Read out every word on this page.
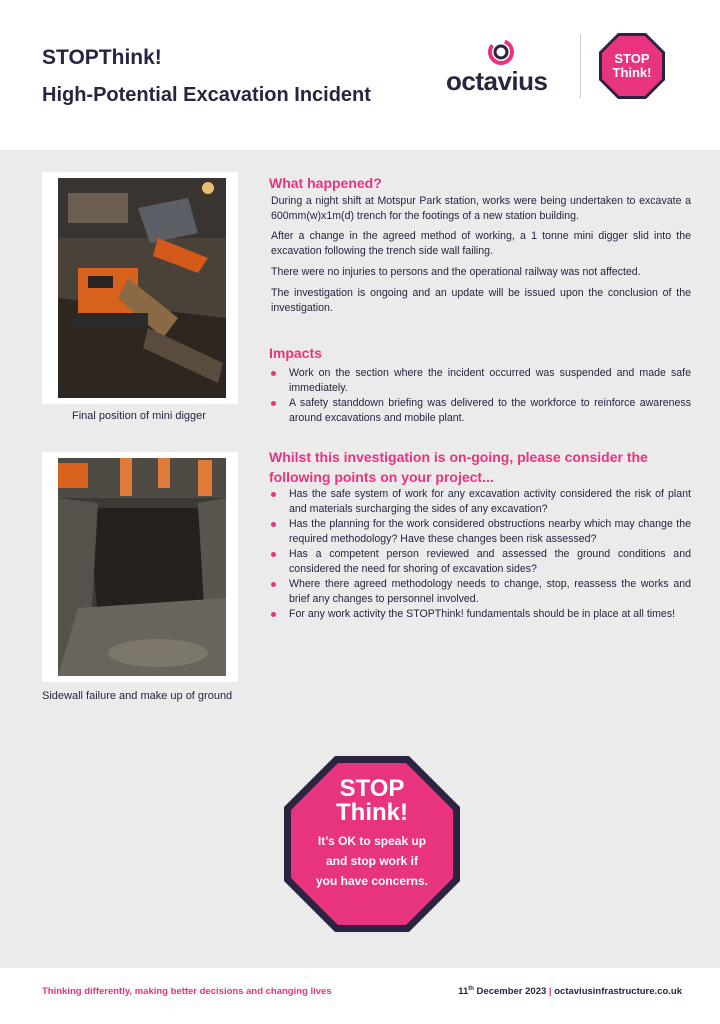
STOPThink!
High-Potential Excavation Incident	octavius
STOP
Think!
Final position of mini digger
Sidewall failure and make up of ground
What happened?
During a night shift at Motspur Park station, works were being undertaken to excavate a 600mm(w)x1m(d) trench for the footings of a new station building.
After a change in the agreed method of working, a 1 tonne mini digger slid into the excavation following the trench side wall failing.
There were no injuries to persons and the operational railway was not affected.
The investigation is ongoing and an update will be issued upon the conclusion of the investigation.
Impacts
Work on the section where the incident occurred was suspended and made safe immediately.
A safety standdown briefing was delivered to the workforce to reinforce awareness around excavations and mobile plant.
Whilst this investigation is on-going, please consider the
following points on your project...
Has the safe system of work for any excavation activity considered the risk of plant and materials surcharging the sides of any excavation?
Has the planning for the work considered obstructions nearby which may change the required methodology? Have these changes been risk assessed?
Has a competent person reviewed and assessed the ground conditions and considered the need for shoring of excavation sides?
Where there agreed methodology needs to change, stop, reassess the works and brief any changes to personnel involved.
For any work activity the STOPThink! fundamentals should be in place at all times!
STOP
Think!
It’s OK to speak up
and stop work if
you have concerns.
Thinking differently, making better decisions and changing lives	11th December 2023 | octaviusinfrastructure.co.uk
